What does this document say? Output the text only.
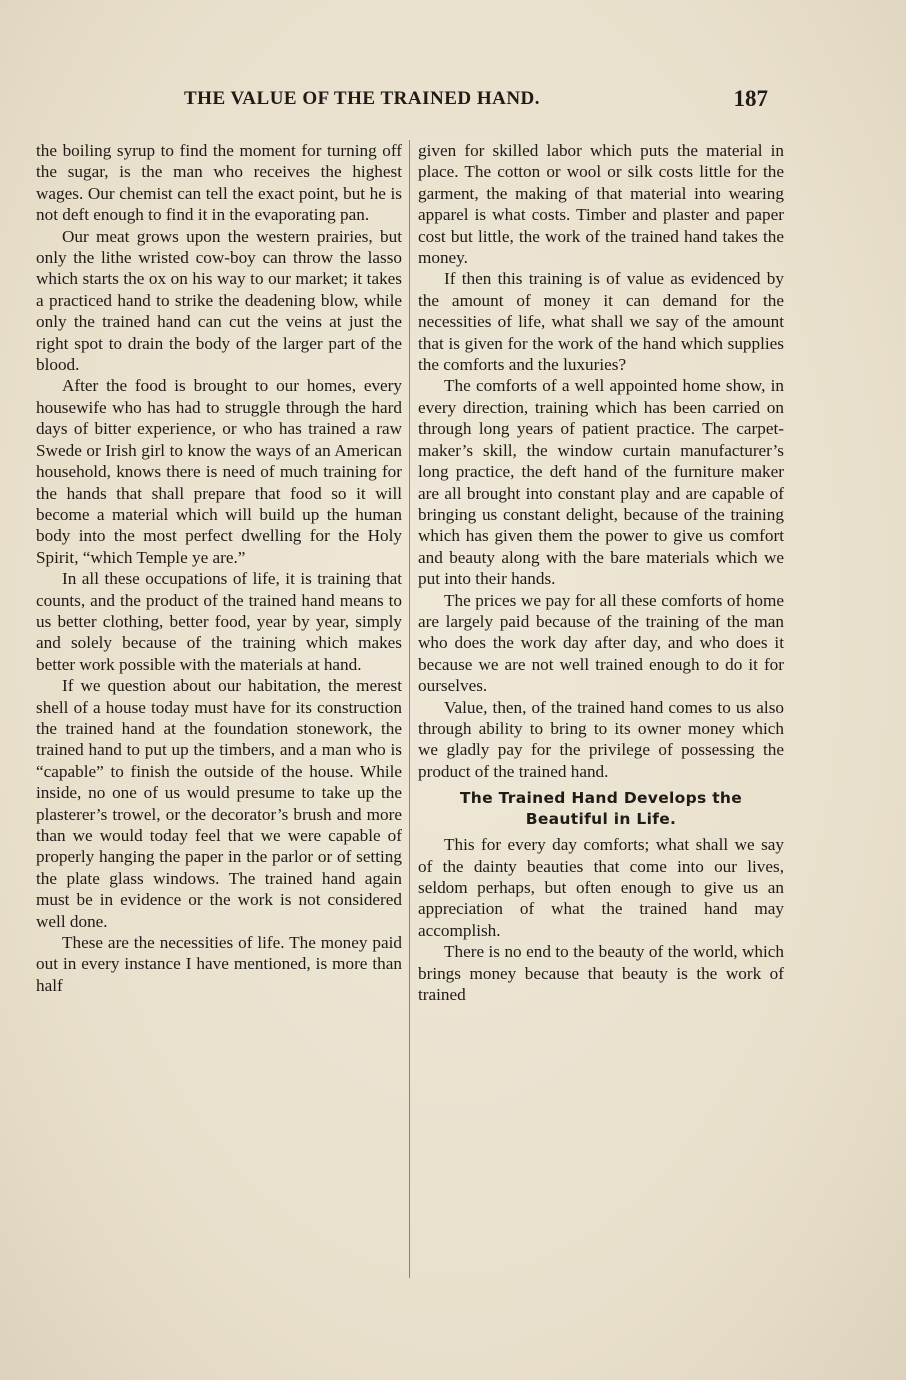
THE VALUE OF THE TRAINED HAND.	187

the boiling syrup to find the moment for turning off the sugar, is the man who receives the highest wages. Our chemist can tell the exact point, but he is not deft enough to find it in the evaporating pan.

Our meat grows upon the western prairies, but only the lithe wristed cow-boy can throw the lasso which starts the ox on his way to our market; it takes a practiced hand to strike the deadening blow, while only the trained hand can cut the veins at just the right spot to drain the body of the larger part of the blood.

After the food is brought to our homes, every housewife who has had to struggle through the hard days of bitter experience, or who has trained a raw Swede or Irish girl to know the ways of an American household, knows there is need of much training for the hands that shall prepare that food so it will become a material which will build up the human body into the most perfect dwelling for the Holy Spirit, “which Temple ye are.”

In all these occupations of life, it is training that counts, and the product of the trained hand means to us better clothing, better food, year by year, simply and solely because of the training which makes better work possible with the materials at hand.

If we question about our habitation, the merest shell of a house today must have for its construction the trained hand at the foundation stonework, the trained hand to put up the timbers, and a man who is “capable” to finish the outside of the house. While inside, no one of us would presume to take up the plasterer’s trowel, or the decorator’s brush and more than we would today feel that we were capable of properly hanging the paper in the parlor or of setting the plate glass windows. The trained hand again must be in evidence or the work is not considered well done.

These are the necessities of life. The money paid out in every instance I have mentioned, is more than half

given for skilled labor which puts the material in place. The cotton or wool or silk costs little for the garment, the making of that material into wearing apparel is what costs. Timber and plaster and paper cost but little, the work of the trained hand takes the money.

If then this training is of value as evidenced by the amount of money it can demand for the necessities of life, what shall we say of the amount that is given for the work of the hand which supplies the comforts and the luxuries?

The comforts of a well appointed home show, in every direction, training which has been carried on through long years of patient practice. The carpet-maker’s skill, the window curtain manufacturer’s long practice, the deft hand of the furniture maker are all brought into constant play and are capable of bringing us constant delight, because of the training which has given them the power to give us comfort and beauty along with the bare materials which we put into their hands.

The prices we pay for all these comforts of home are largely paid because of the training of the man who does the work day after day, and who does it because we are not well trained enough to do it for ourselves.

Value, then, of the trained hand comes to us also through ability to bring to its owner money which we gladly pay for the privilege of possessing the product of the trained hand.

The Trained Hand Develops the
Beautiful in Life.

This for every day comforts; what shall we say of the dainty beauties that come into our lives, seldom perhaps, but often enough to give us an appreciation of what the trained hand may accomplish.

There is no end to the beauty of the world, which brings money because that beauty is the work of trained
